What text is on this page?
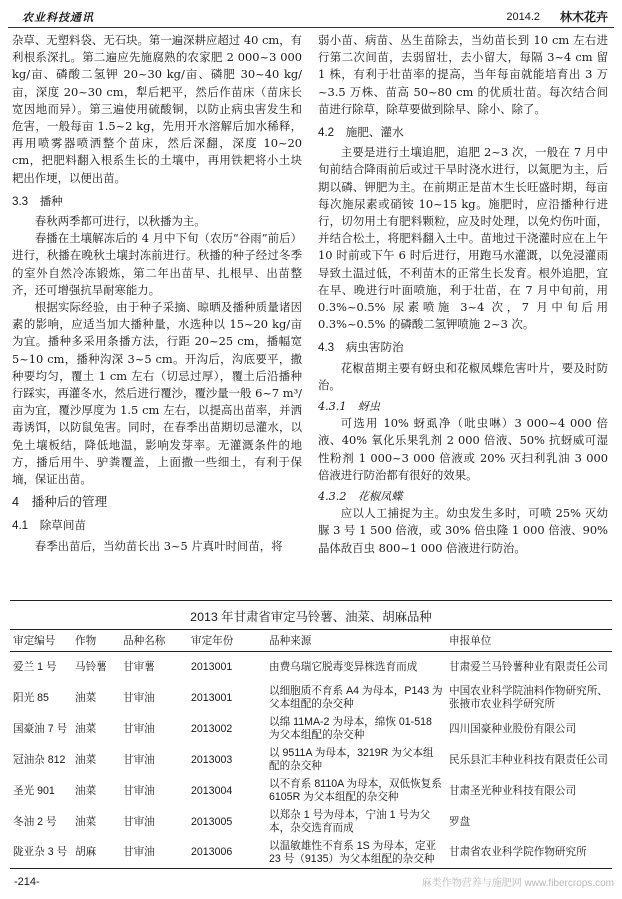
农业科技通讯	2014.2 林木花卉

杂草、无塑料袋、无石块。第一遍深耕应超过 40 cm，有利根系深扎。第二遍应先施腐熟的农家肥 2 000~3 000 kg/亩、磷酸二氢钾 20~30 kg/亩、磷肥 30~40 kg/亩，深度 20~30 cm，犁后耙平，然后作苗床（苗床长宽因地而异）。第三遍使用硫酸铜，以防止病虫害发生和危害，一般每亩 1.5~2 kg，先用开水溶解后加水稀释，再用喷雾器喷洒整个苗床，然后深翻，深度 10~20 cm，把肥料翻入根系生长的土壤中，再用铁耙将小土块耙出作埂，以便出苗。

3.3　播种

春秋两季都可进行，以秋播为主。

春播在土壤解冻后的 4 月中下旬（农历“谷雨”前后）进行，秋播在晚秋土壤封冻前进行。秋播的种子经过冬季的室外自然冷冻锻炼，第二年出苗早、扎根早、出苗整齐，还可增强抗旱耐寒能力。

根据实际经验，由于种子采摘、晾晒及播种质量诸因素的影响，应适当加大播种量，水选种以 15~20 kg/亩为宜。播种多采用条播方法，行距 20~25 cm，播幅宽 5~10 cm，播种沟深 3~5 cm。开沟后，沟底要平，撒种要均匀，覆土 1 cm 左右（切忌过厚），覆土后沿播种行踩实，再灌冬水，然后进行覆沙，覆沙量一般 6~7 m³/亩为宜，覆沙厚度为 1.5 cm 左右，以提高出苗率，并洒毒诱饵，以防鼠兔害。同时，在春季出苗期切忌灌水，以免土壤板结，降低地温，影响发芽率。无灌溉条件的地方，播后用牛、驴粪覆盖，上面撒一些细土，有利于保墒，保证出苗。

4　播种后的管理
4.1　除草间苗

春季出苗后，当幼苗长出 3~5 片真叶时间苗，将

弱小苗、病苗、丛生苗除去，当幼苗长到 10 cm 左右进行第二次间苗，去弱留壮，去小留大，每隔 3~4 cm 留 1 株，有利于壮苗率的提高，当年每亩就能培育出 3 万~3.5 万株、苗高 50~80 cm 的优质壮苗。每次结合间苗进行除草，除草要做到除早、除小、除了。

4.2　施肥、灌水

主要是进行土壤追肥，追肥 2~3 次，一般在 7 月中旬前结合降雨前后或过干旱时浇水进行，以氮肥为主，后期以磷、钾肥为主。在前期正是苗木生长旺盛时期，每亩每次施尿素或硝铵 10~15 kg。施肥时，应沿播种行进行，切勿用土有肥料颗粒，应及时处理，以免灼伤叶面，并结合松土，将肥料翻入土中。苗地过干浇灌时应在上午 10 时前或下午 6 时后进行，用跑马水灌溉，以免浸灌雨导致土温过低，不利苗木的正常生长发育。根外追肥，宜在早、晚进行叶面喷施，利于壮苗，在 7 月中旬前，用 0.3%~0.5% 尿素喷施 3~4 次，7 月中旬后用 0.3%~0.5% 的磷酸二氢钾喷施 2~3 次。

4.3　病虫害防治

花椒苗期主要有蚜虫和花椒凤蝶危害叶片，要及时防治。

4.3.1　蚜虫

可选用 10% 蚜虱净（吡虫啉）3 000~4 000 倍液、40% 氧化乐果乳剂 2 000 倍液、50% 抗蚜威可湿性粉剂 1 000~3 000 倍液或 20% 灭扫利乳油 3 000 倍液进行防治都有很好的效果。

4.3.2　花椒凤蝶

应以人工捕捉为主。幼虫发生多时，可喷 25% 灭幼脲 3 号 1 500 倍液，或 30% 倍虫隆 1 000 倍液、90% 晶体敌百虫 800~1 000 倍液进行防治。

2013 年甘肃省审定马铃薯、油菜、胡麻品种
审定编号	作物	品种名称	审定年份	品种来源	申报单位
爱兰 1 号	马铃薯	甘审薯	2013001	由费乌瑞它脱毒变异株选育而成	甘肃爱兰马铃薯种业有限责任公司
阳光 85	油菜	甘审油	2013001	以细胞质不育系 A4 为母本，P143 为父本组配的杂交种	中国农业科学院油料作物研究所、张掖市农业科学研究所
国豪油 7 号	油菜	甘审油	2013002	以绵 11MA-2 为母本，绵恢 01-518 为父本组配的杂交种	四川国豪种业股份有限公司
冠油杂 812	油菜	甘审油	2013003	以 9511A 为母本，3219R 为父本组配的杂交种	民乐县汇丰种业科技有限责任公司
圣光 901	油菜	甘审油	2013004	以不育系 8110A 为母本，双低恢复系 6105R 为父本组配的杂交种	甘肃圣光种业科技有限公司
冬油 2 号	油菜	甘审油	2013005	以郑杂 1 号为母本，宁油 1 号为父本，杂交选育而成	罗盘
陇亚杂 3 号	胡麻	甘审油	2013006	以温敏雄性不育系 1S 为母本，定亚 23 号（9135）为父本组配的杂交种	甘肃省农业科学院作物研究所
-214-	麻类作物营养与施肥网 www.fibercrops.com
